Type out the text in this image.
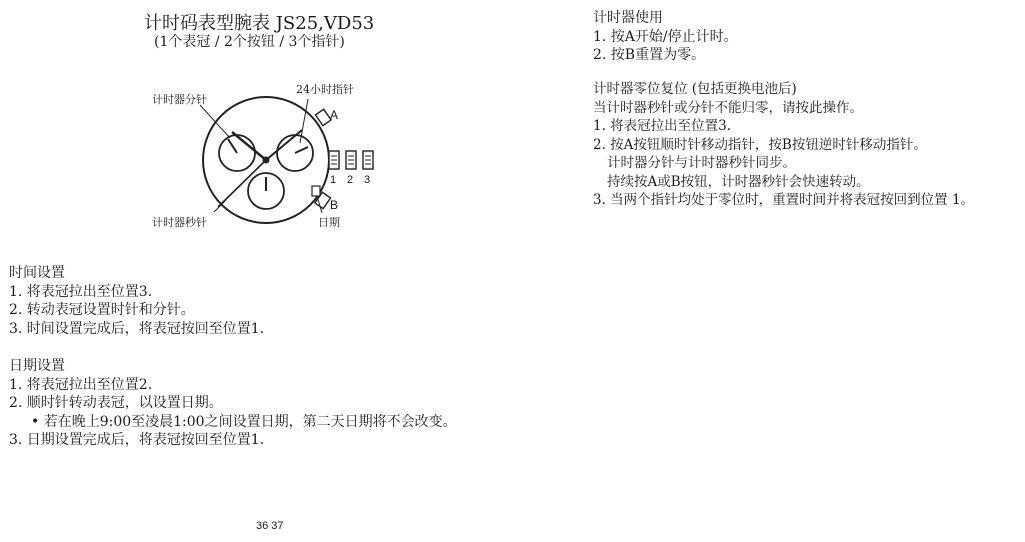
计时码表型腕表 JS25,VD53
(1个表冠 / 2个按钮 / 3个指针)
计时器分针
24小时指针
计时器秒针	日期
A
B
1 2 3
时间设置
1. 将表冠拉出至位置3.
2. 转动表冠设置时针和分针。
3. 时间设置完成后，将表冠按回至位置1.
日期设置
1. 将表冠拉出至位置2.
2. 顺时针转动表冠，以设置日期。
• 若在晚上9:00至凌晨1:00之间设置日期，第二天日期将不会改变。
3. 日期设置完成后，将表冠按回至位置1.
计时器使用
1. 按A开始/停止计时。
2. 按B重置为零。
计时器零位复位 (包括更换电池后)
当计时器秒针或分针不能归零，请按此操作。
1. 将表冠拉出至位置3.
2. 按A按钮顺时针移动指针，按B按钮逆时针移动指针。
计时器分针与计时器秒针同步。
持续按A或B按钮，计时器秒针会快速转动。
3. 当两个指针均处于零位时，重置时间并将表冠按回到位置 1。
36 37
